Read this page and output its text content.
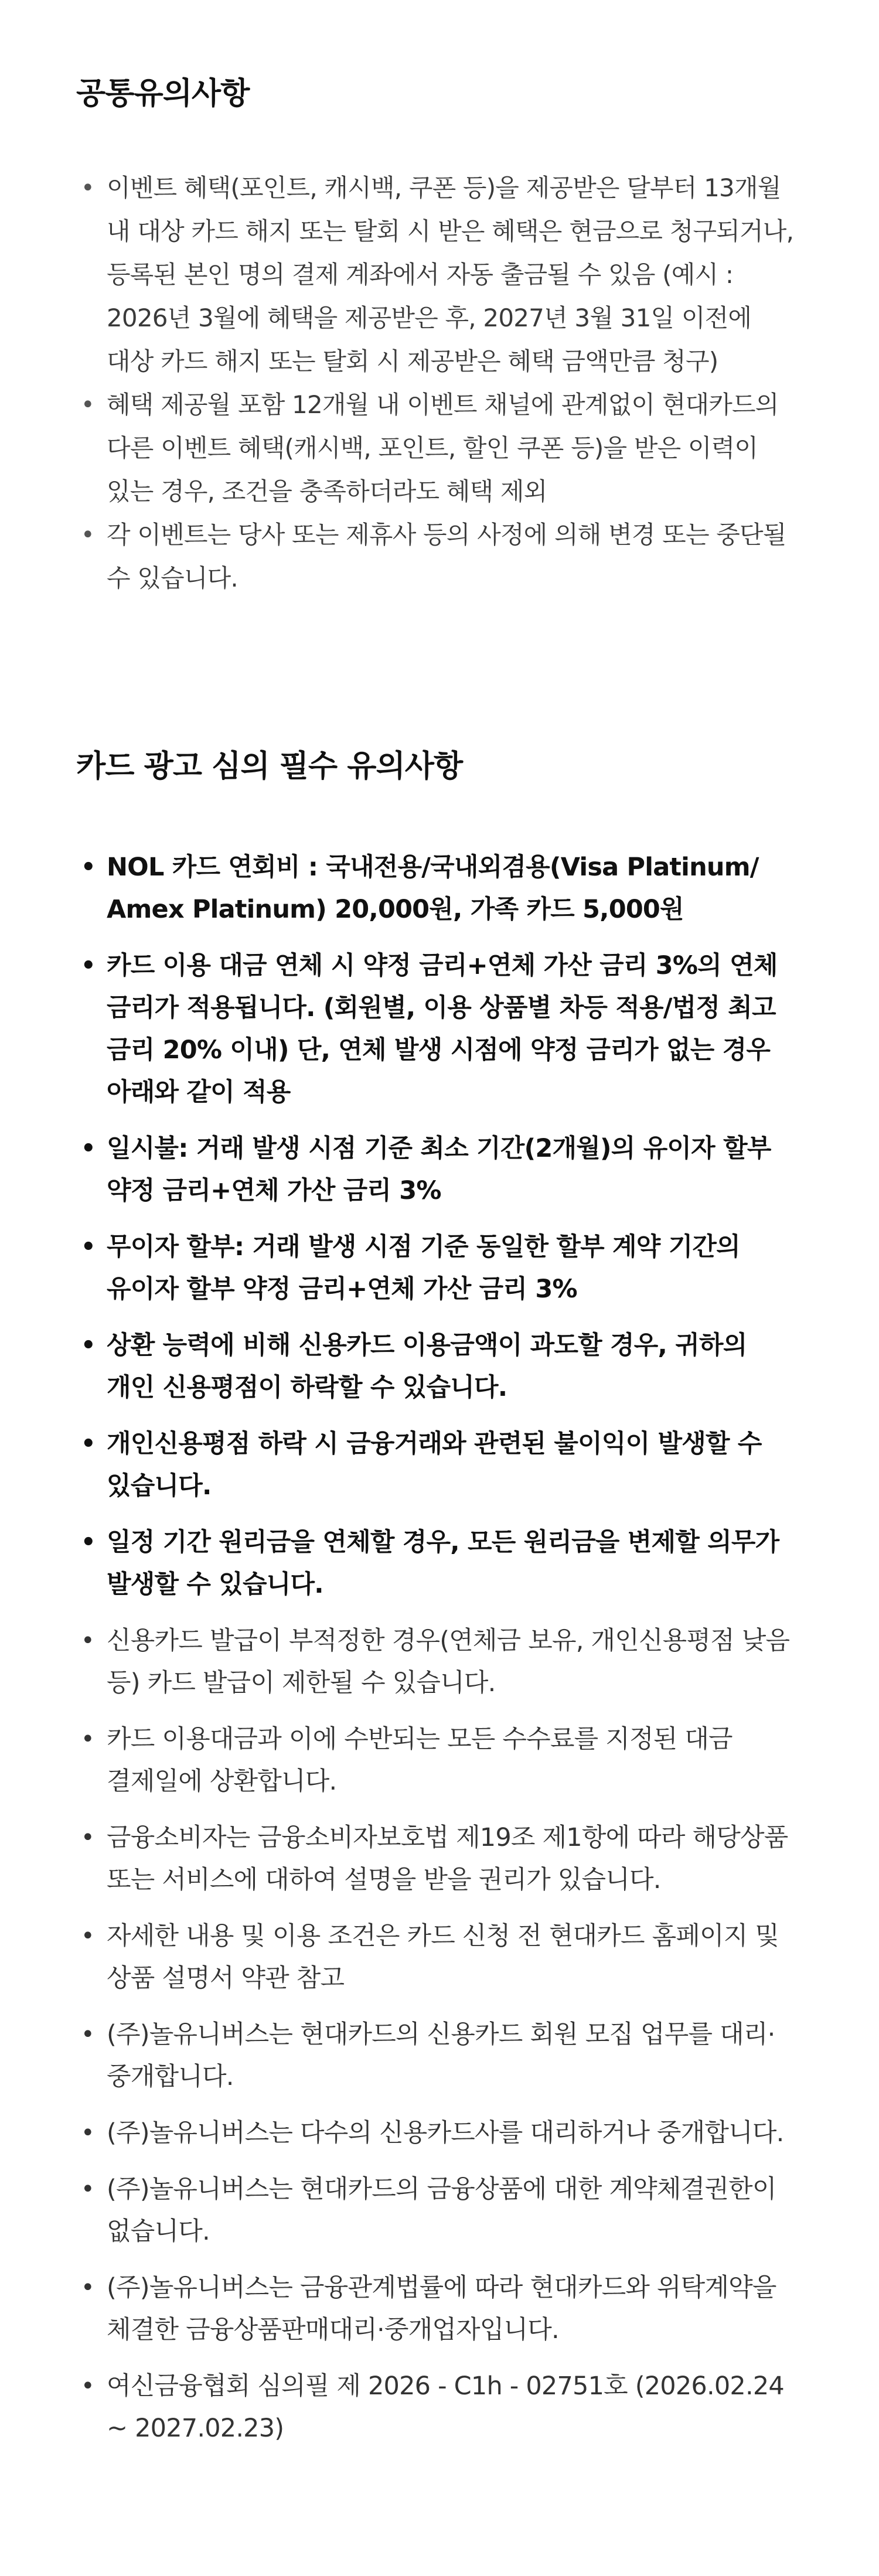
공통유의사항
• 이벤트 혜택(포인트, 캐시백, 쿠폰 등)을 제공받은 달부터 13개월 내 대상 카드 해지 또는 탈회 시 받은 혜택은 현금으로 청구되거나, 등록된 본인 명의 결제 계좌에서 자동 출금될 수 있음 (예시 : 2026년 3월에 혜택을 제공받은 후, 2027년 3월 31일 이전에 대상 카드 해지 또는 탈회 시 제공받은 혜택 금액만큼 청구)
• 혜택 제공월 포함 12개월 내 이벤트 채널에 관계없이 현대카드의 다른 이벤트 혜택(캐시백, 포인트, 할인 쿠폰 등)을 받은 이력이 있는 경우, 조건을 충족하더라도 혜택 제외
• 각 이벤트는 당사 또는 제휴사 등의 사정에 의해 변경 또는 중단될 수 있습니다.
카드 광고 심의 필수 유의사항
• NOL 카드 연회비 : 국내전용/국내외겸용(Visa Platinum/ Amex Platinum) 20,000원, 가족 카드 5,000원
• 카드 이용 대금 연체 시 약정 금리+연체 가산 금리 3%의 연체 금리가 적용됩니다. (회원별, 이용 상품별 차등 적용/법정 최고 금리 20% 이내) 단, 연체 발생 시점에 약정 금리가 없는 경우 아래와 같이 적용
• 일시불: 거래 발생 시점 기준 최소 기간(2개월)의 유이자 할부 약정 금리+연체 가산 금리 3%
• 무이자 할부: 거래 발생 시점 기준 동일한 할부 계약 기간의 유이자 할부 약정 금리+연체 가산 금리 3%
• 상환 능력에 비해 신용카드 이용금액이 과도할 경우, 귀하의 개인 신용평점이 하락할 수 있습니다.
• 개인신용평점 하락 시 금융거래와 관련된 불이익이 발생할 수 있습니다.
• 일정 기간 원리금을 연체할 경우, 모든 원리금을 변제할 의무가 발생할 수 있습니다.
• 신용카드 발급이 부적정한 경우(연체금 보유, 개인신용평점 낮음 등) 카드 발급이 제한될 수 있습니다.
• 카드 이용대금과 이에 수반되는 모든 수수료를 지정된 대금 결제일에 상환합니다.
• 금융소비자는 금융소비자보호법 제19조 제1항에 따라 해당상품 또는 서비스에 대하여 설명을 받을 권리가 있습니다.
• 자세한 내용 및 이용 조건은 카드 신청 전 현대카드 홈페이지 및 상품 설명서 약관 참고
• (주)놀유니버스는 현대카드의 신용카드 회원 모집 업무를 대리·중개합니다.
• (주)놀유니버스는 다수의 신용카드사를 대리하거나 중개합니다.
• (주)놀유니버스는 현대카드의 금융상품에 대한 계약체결권한이 없습니다.
• (주)놀유니버스는 금융관계법률에 따라 현대카드와 위탁계약을 체결한 금융상품판매대리·중개업자입니다.
• 여신금융협회 심의필 제 2026 - C1h - 02751호 (2026.02.24 ~ 2027.02.23)
